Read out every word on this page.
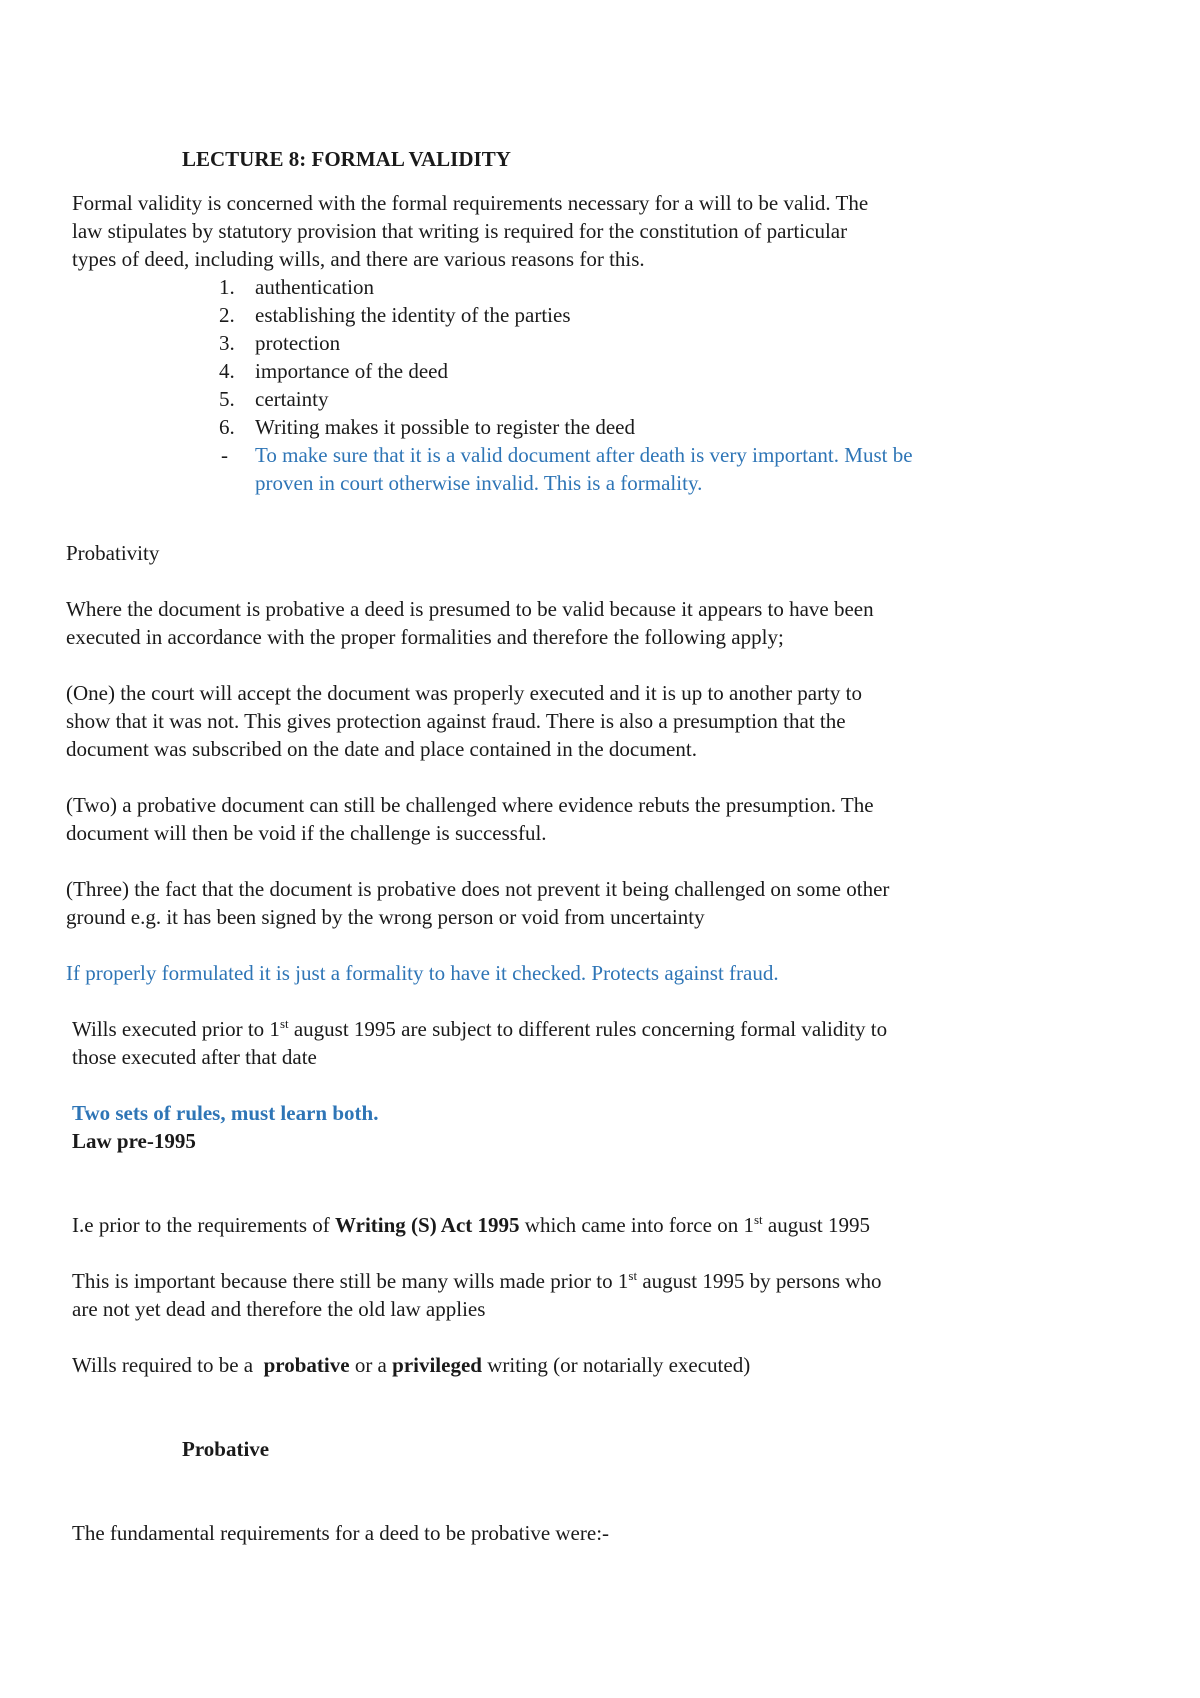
LECTURE 8: FORMAL VALIDITY
Formal validity is concerned with the formal requirements necessary for a will to be valid. The
law stipulates by statutory provision that writing is required for the constitution of particular
types of deed, including wills, and there are various reasons for this.
1. authentication
2. establishing the identity of the parties
3. protection
4. importance of the deed
5. certainty
6. Writing makes it possible to register the deed
- To make sure that it is a valid document after death is very important. Must be
proven in court otherwise invalid. This is a formality.
Probativity
Where the document is probative a deed is presumed to be valid because it appears to have been
executed in accordance with the proper formalities and therefore the following apply;
(One) the court will accept the document was properly executed and it is up to another party to
show that it was not. This gives protection against fraud. There is also a presumption that the
document was subscribed on the date and place contained in the document.
(Two) a probative document can still be challenged where evidence rebuts the presumption. The
document will then be void if the challenge is successful.
(Three) the fact that the document is probative does not prevent it being challenged on some other
ground e.g. it has been signed by the wrong person or void from uncertainty
If properly formulated it is just a formality to have it checked. Protects against fraud.
Wills executed prior to 1st august 1995 are subject to different rules concerning formal validity to
those executed after that date
Two sets of rules, must learn both.
Law pre-1995
I.e prior to the requirements of Writing (S) Act 1995 which came into force on 1st august 1995
This is important because there still be many wills made prior to 1st august 1995 by persons who
are not yet dead and therefore the old law applies
Wills required to be a  probative or a privileged writing (or notarially executed)
Probative
The fundamental requirements for a deed to be probative were:-
